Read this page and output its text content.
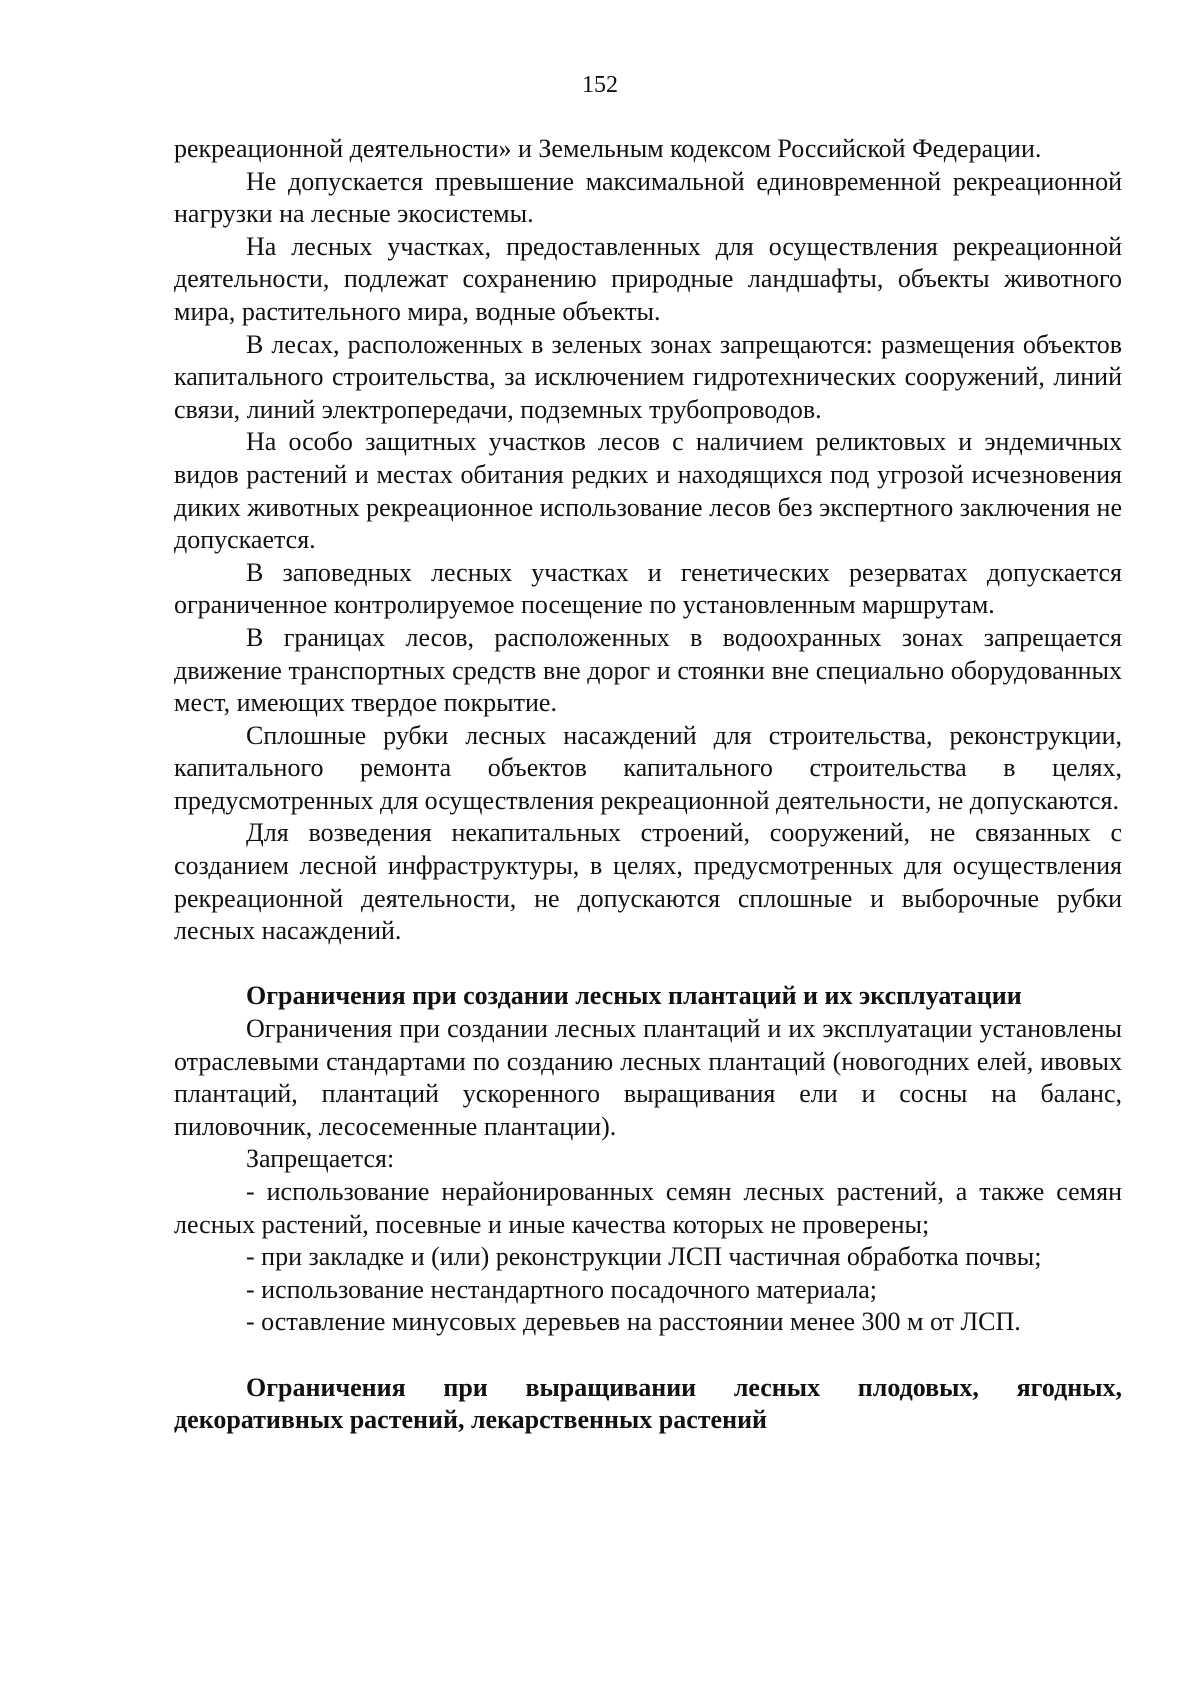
152

рекреационной деятельности» и Земельным кодексом Российской Федерации.

Не допускается превышение максимальной единовременной рекреационной нагрузки на лесные экосистемы.

На лесных участках, предоставленных для осуществления рекреационной деятельности, подлежат сохранению природные ландшафты, объекты животного мира, растительного мира, водные объекты.

В лесах, расположенных в зеленых зонах запрещаются: размещения объектов капитального строительства, за исключением гидротехнических сооружений, линий связи, линий электропередачи, подземных трубопроводов.

На особо защитных участков лесов с наличием реликтовых и эндемичных видов растений и местах обитания редких и находящихся под угрозой исчезновения диких животных рекреационное использование лесов без экспертного заключения не допускается.

В заповедных лесных участках и генетических резерватах допускается ограниченное контролируемое посещение по установленным маршрутам.

В границах лесов, расположенных в водоохранных зонах запрещается движение транспортных средств вне дорог и стоянки вне специально оборудованных мест, имеющих твердое покрытие.

Сплошные рубки лесных насаждений для строительства, реконструкции, капитального ремонта объектов капитального строительства в целях, предусмотренных для осуществления рекреационной деятельности, не допускаются.

Для возведения некапитальных строений, сооружений, не связанных с созданием лесной инфраструктуры, в целях, предусмотренных для осуществления рекреационной деятельности, не допускаются сплошные и выборочные рубки лесных насаждений.

Ограничения при создании лесных плантаций и их эксплуатации

Ограничения при создании лесных плантаций и их эксплуатации установлены отраслевыми стандартами по созданию лесных плантаций (новогодних елей, ивовых плантаций, плантаций ускоренного выращивания ели и сосны на баланс, пиловочник, лесосеменные плантации).

Запрещается:

- использование нерайонированных семян лесных растений, а также семян лесных растений, посевные и иные качества которых не проверены;

- при закладке и (или) реконструкции ЛСП частичная обработка почвы;

- использование нестандартного посадочного материала;

- оставление минусовых деревьев на расстоянии менее 300 м от ЛСП.

Ограничения при выращивании лесных плодовых, ягодных, декоративных растений, лекарственных растений
